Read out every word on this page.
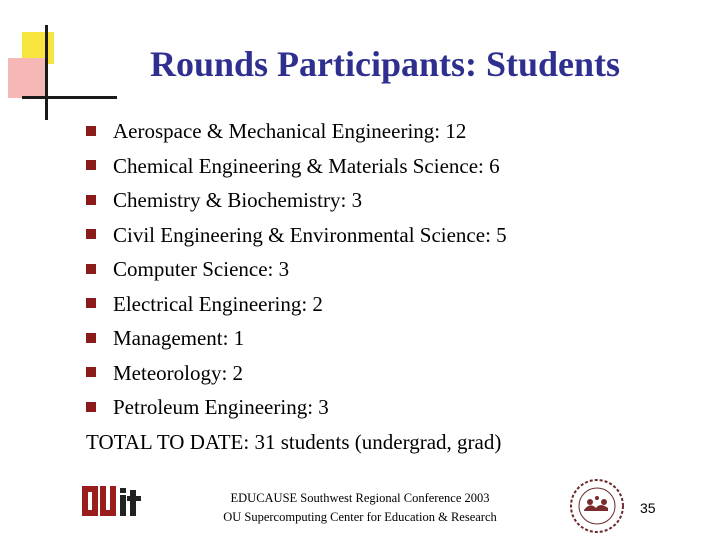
Rounds Participants: Students
Aerospace & Mechanical Engineering: 12
Chemical Engineering & Materials Science: 6
Chemistry & Biochemistry: 3
Civil Engineering & Environmental Science: 5
Computer Science: 3
Electrical Engineering: 2
Management: 1
Meteorology: 2
Petroleum Engineering: 3
TOTAL TO DATE: 31 students (undergrad, grad)
EDUCAUSE Southwest Regional Conference 2003
OU Supercomputing Center for Education & Research
35
